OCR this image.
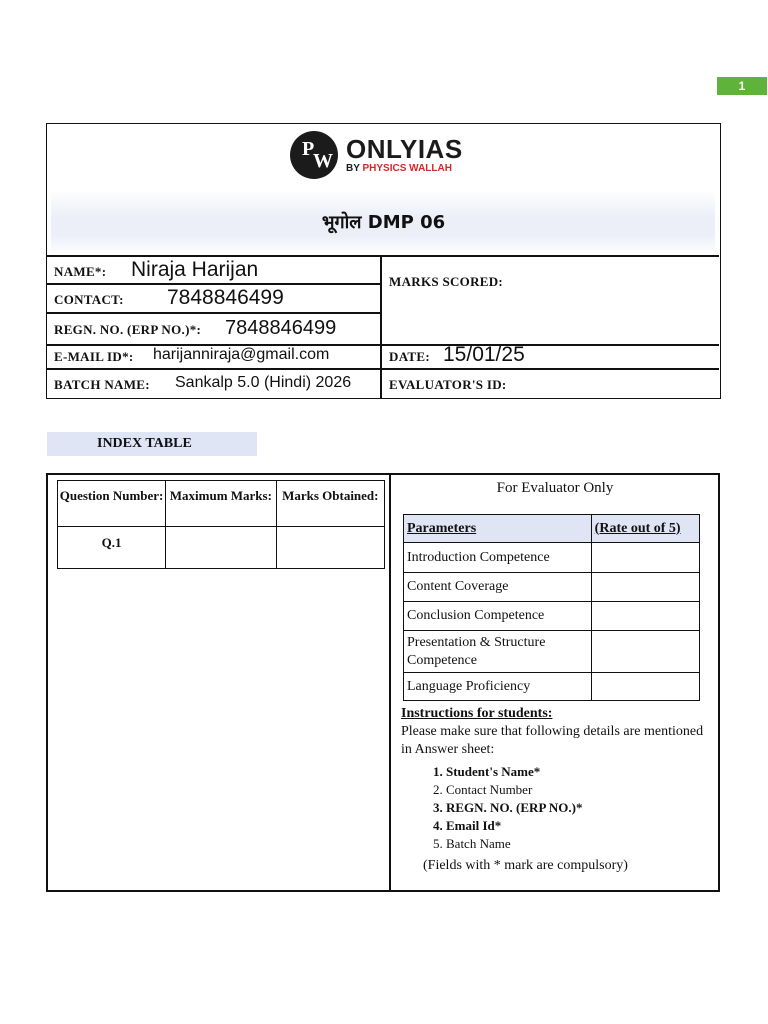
1
P
W ONLYIAS
BY PHYSICS WALLAH
भूगोल DMP 06
NAME*: Niraja Harijan
CONTACT: 7848846499
REGN. NO. (ERP NO.)*: 7848846499
E-MAIL ID*: harijanniraja@gmail.com
BATCH NAME: Sankalp 5.0 (Hindi) 2026
MARKS SCORED:
DATE: 15/01/25
EVALUATOR'S ID:
INDEX TABLE
Question Number:	Maximum Marks:	Marks Obtained:
Q.1		
For Evaluator Only
Parameters	(Rate out of 5)
Introduction Competence	
Content Coverage	
Conclusion Competence	
Presentation & Structure Competence	
Language Proficiency	
Instructions for students:
Please make sure that following details are mentioned in Answer sheet:
1. Student's Name*
2. Contact Number
3. REGN. NO. (ERP NO.)*
4. Email Id*
5. Batch Name
(Fields with * mark are compulsory)
